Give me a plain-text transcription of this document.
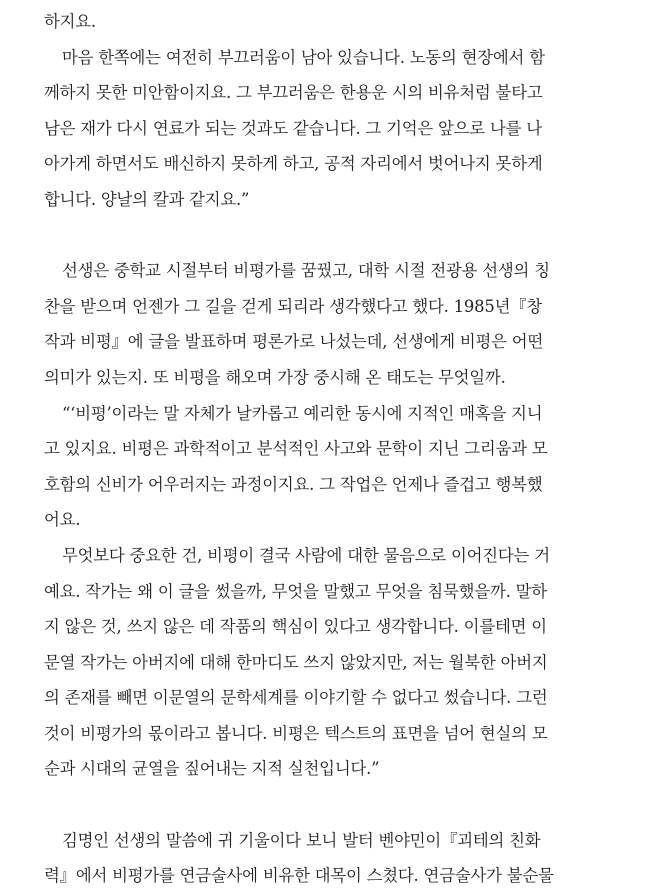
하지요.
마음 한쪽에는 여전히 부끄러움이 남아 있습니다. 노동의 현장에서 함
께하지 못한 미안함이지요. 그 부끄러움은 한용운 시의 비유처럼 불타고
남은 재가 다시 연료가 되는 것과도 같습니다. 그 기억은 앞으로 나를 나
아가게 하면서도 배신하지 못하게 하고, 공적 자리에서 벗어나지 못하게
합니다. 양날의 칼과 같지요.”
선생은 중학교 시절부터 비평가를 꿈꿨고, 대학 시절 전광용 선생의 칭
찬을 받으며 언젠가 그 길을 걷게 되리라 생각했다고 했다. 1985년『창
작과 비평』에 글을 발표하며 평론가로 나섰는데, 선생에게 비평은 어떤
의미가 있는지. 또 비평을 해오며 가장 중시해 온 태도는 무엇일까.
“‘비평’이라는 말 자체가 날카롭고 예리한 동시에 지적인 매혹을 지니
고 있지요. 비평은 과학적이고 분석적인 사고와 문학이 지닌 그리움과 모
호함의 신비가 어우러지는 과정이지요. 그 작업은 언제나 즐겁고 행복했
어요.
무엇보다 중요한 건, 비평이 결국 사람에 대한 물음으로 이어진다는 거
예요. 작가는 왜 이 글을 썼을까, 무엇을 말했고 무엇을 침묵했을까. 말하
지 않은 것, 쓰지 않은 데 작품의 핵심이 있다고 생각합니다. 이를테면 이
문열 작가는 아버지에 대해 한마디도 쓰지 않았지만, 저는 월북한 아버지
의 존재를 빼면 이문열의 문학세계를 이야기할 수 없다고 썼습니다. 그런
것이 비평가의 몫이라고 봅니다. 비평은 텍스트의 표면을 넘어 현실의 모
순과 시대의 균열을 짚어내는 지적 실천입니다.”
김명인 선생의 말씀에 귀 기울이다 보니 발터 벤야민이『괴테의 친화
력』에서 비평가를 연금술사에 비유한 대목이 스쳤다. 연금술사가 불순물
